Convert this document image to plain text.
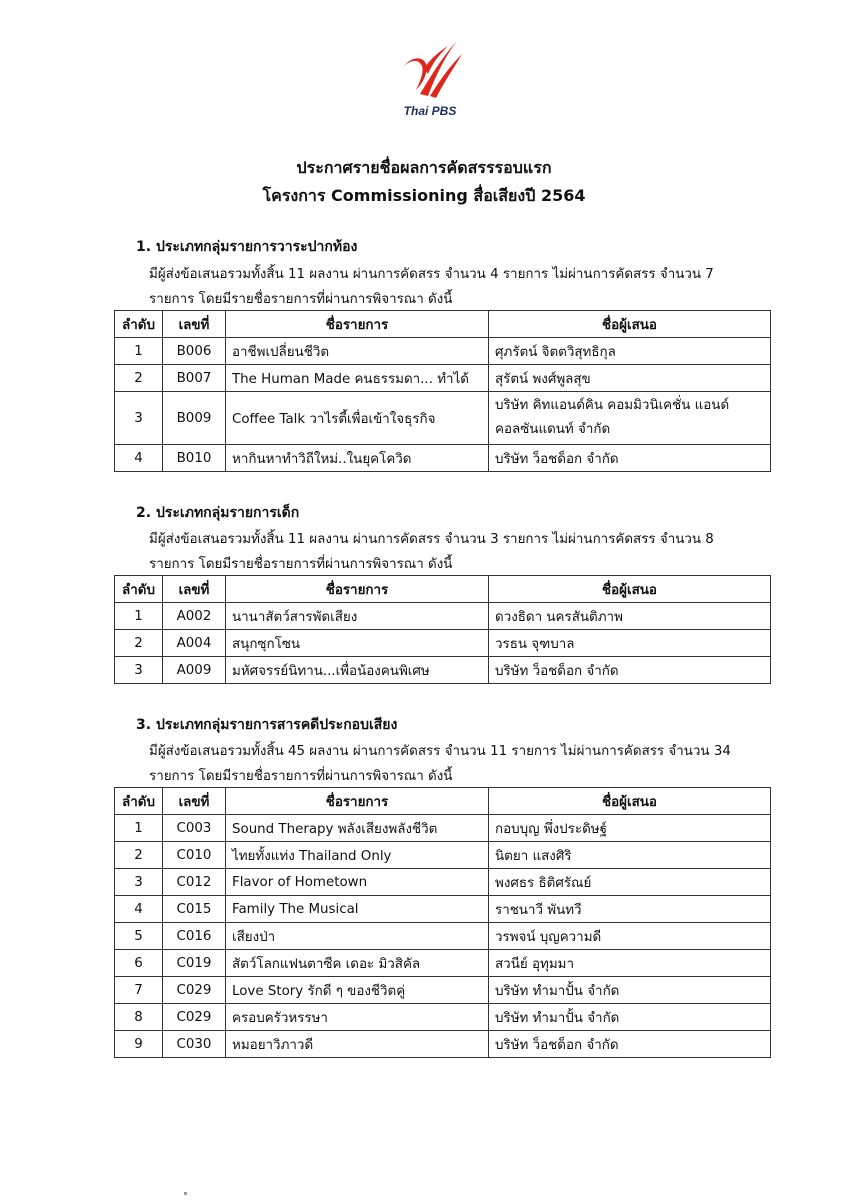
Thai PBS
ประกาศรายชื่อผลการคัดสรรรอบแรก
โครงการ Commissioning สื่อเสียงปี 2564
1. ประเภทกลุ่มรายการวาระปากท้อง
มีผู้ส่งข้อเสนอรวมทั้งสิ้น 11 ผลงาน ผ่านการคัดสรร จำนวน 4 รายการ ไม่ผ่านการคัดสรร จำนวน 7
รายการ โดยมีรายชื่อรายการที่ผ่านการพิจารณา ดังนี้
ลำดับ	เลขที่	ชื่อรายการ	ชื่อผู้เสนอ
1	B006	อาชีพเปลี่ยนชีวิต	ศุภรัตน์ จิตตวิสุทธิกุล
2	B007	The Human Made คนธรรมดา... ทำได้	สุรัตน์ พงศ์พูลสุข
3	B009	Coffee Talk วาไรตี้เพื่อเข้าใจธุรกิจ	บริษัท คิทแอนด์คิน คอมมิวนิเคชั่น แอนด์
คอลซันแดนท์ จำกัด

4	B010	หากินหาทำวิถีใหม่..ในยุคโควิด	บริษัท ว็อชด็อก จำกัด
2. ประเภทกลุ่มรายการเด็ก
มีผู้ส่งข้อเสนอรวมทั้งสิ้น 11 ผลงาน ผ่านการคัดสรร จำนวน 3 รายการ ไม่ผ่านการคัดสรร จำนวน 8
รายการ โดยมีรายชื่อรายการที่ผ่านการพิจารณา ดังนี้
ลำดับ	เลขที่	ชื่อรายการ	ชื่อผู้เสนอ
1	A002	นานาสัตว์สารพัดเสียง	ดวงธิดา นครสันติภาพ
2	A004	สนุกซุกโซน	วรธน จุฑบาล
3	A009	มหัศจรรย์นิทาน...เพื่อน้องคนพิเศษ	บริษัท ว็อชด็อก จำกัด
3. ประเภทกลุ่มรายการสารคดีประกอบเสียง
มีผู้ส่งข้อเสนอรวมทั้งสิ้น 45 ผลงาน ผ่านการคัดสรร จำนวน 11 รายการ ไม่ผ่านการคัดสรร จำนวน 34
รายการ โดยมีรายชื่อรายการที่ผ่านการพิจารณา ดังนี้
ลำดับ	เลขที่	ชื่อรายการ	ชื่อผู้เสนอ
1	C003	Sound Therapy พลังเสียงพลังชีวิต	กอบบุญ พึ่งประดิษฐ์
2	C010	ไทยทั้งแท่ง Thailand Only	นิตยา แสงศิริ
3	C012	Flavor of Hometown	พงศธร ธิติศรัณย์
4	C015	Family The Musical	ราชนาวี พันทวี
5	C016	เสียงป่า	วรพจน์ บุญความดี
6	C019	สัตว์โลกแฟนตาซีค เดอะ มิวสิคัล	สวนีย์ อุทุมมา
7	C029	Love Story รักดี ๆ ของชีวิตคู่	บริษัท ทำมาปั้น จำกัด
8	C029	ครอบครัวหรรษา	บริษัท ทำมาปั้น จำกัด
9	C030	หมอยาวิภาวดี	บริษัท ว็อชด็อก จำกัด
